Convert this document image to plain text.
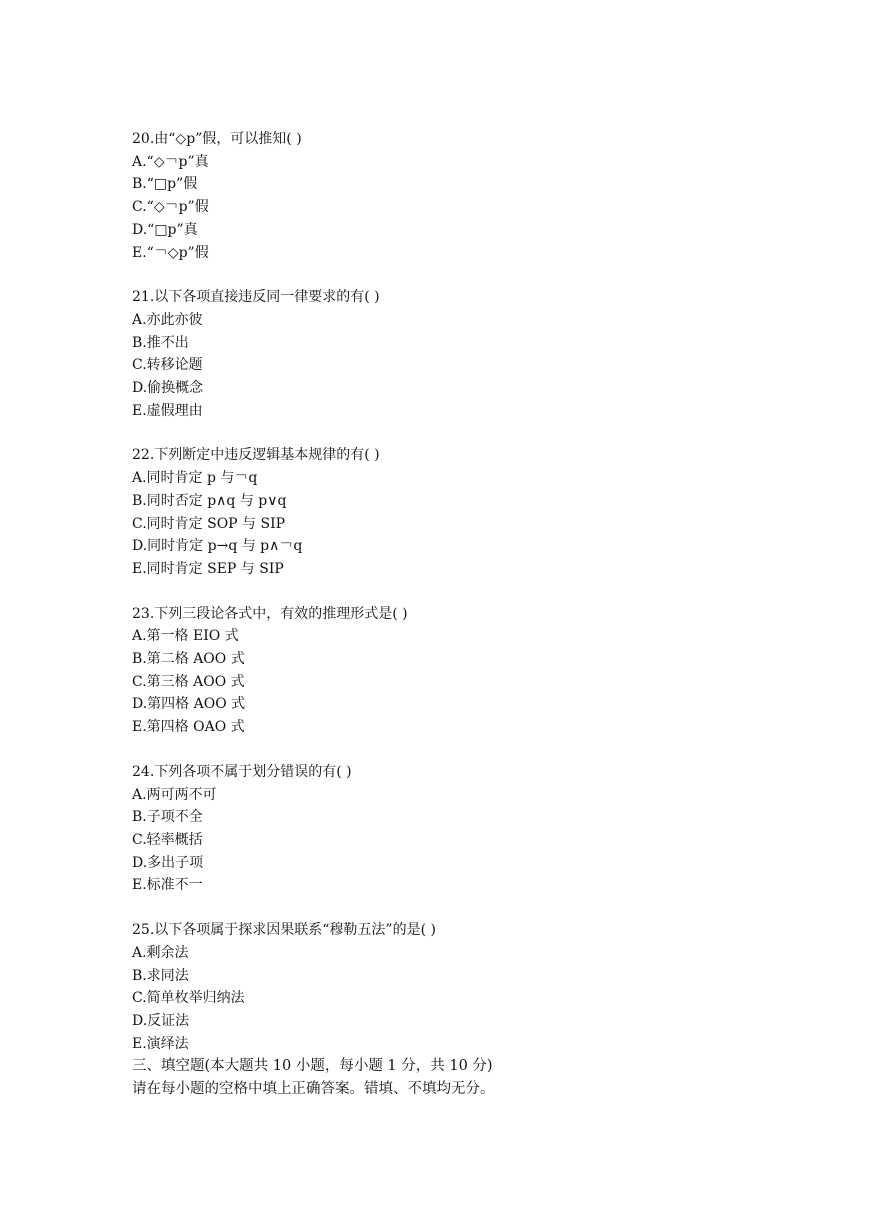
20.由“◇p”假，可以推知( )

A.“◇￢p”真

B.“□p”假

C.“◇￢p”假

D.“□p”真

E.“￢◇p”假

21.以下各项直接违反同一律要求的有( )

A.亦此亦彼

B.推不出

C.转移论题

D.偷换概念

E.虚假理由

22.下列断定中违反逻辑基本规律的有( )

A.同时肯定 p 与￢q

B.同时否定 p∧q 与 p∨q

C.同时肯定 SOP 与 SIP

D.同时肯定 p→q 与 p∧￢q

E.同时肯定 SEP 与 SIP

23.下列三段论各式中，有效的推理形式是( )

A.第一格 EIO 式

B.第二格 AOO 式

C.第三格 AOO 式

D.第四格 AOO 式

E.第四格 OAO 式

24.下列各项不属于划分错误的有( )

A.两可两不可

B.子项不全

C.轻率概括

D.多出子项

E.标准不一

25.以下各项属于探求因果联系“穆勒五法”的是( )

A.剩余法

B.求同法

C.简单枚举归纳法

D.反证法

E.演绎法

三、填空题(本大题共 10 小题，每小题 1 分，共 10 分)

请在每小题的空格中填上正确答案。错填、不填均无分。
